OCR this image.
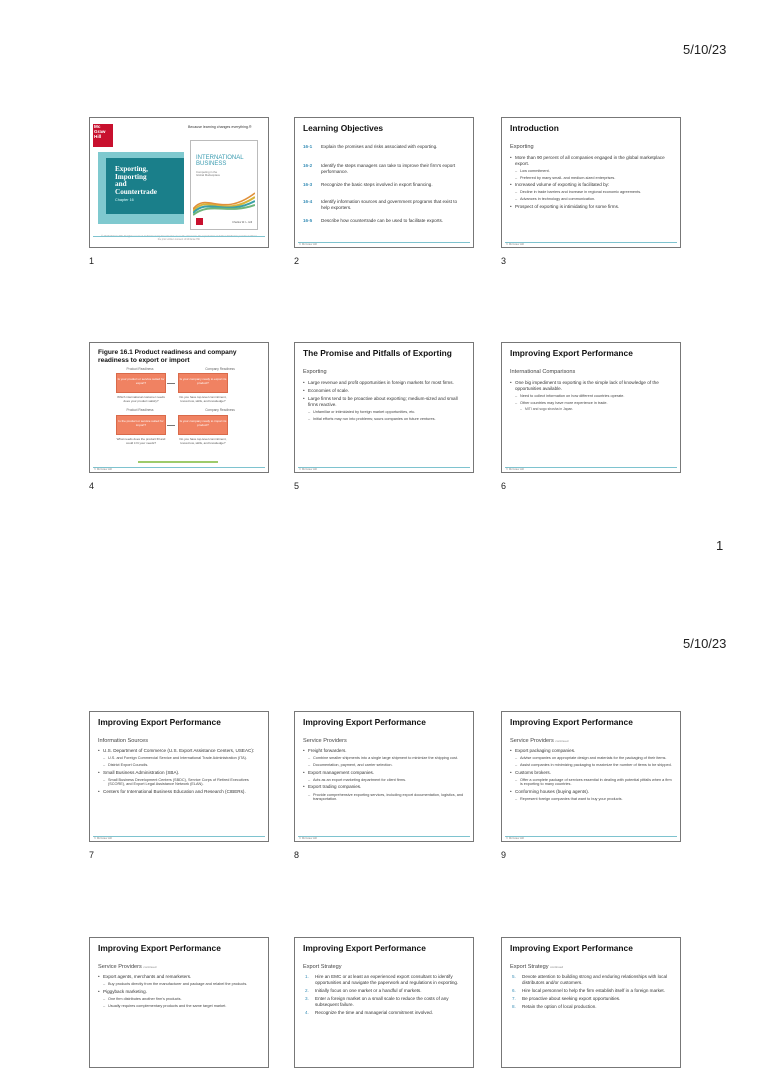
5/10/23
Mc
Graw
Hill
Because learning changes everything.®
Exporting,
Importing
and
Countertrade
Chapter 16
INTERNATIONAL
BUSINESS
Competing in the
Global Marketplace
Charles W. L. Hill
© 2023 McGraw Hill. All rights reserved. Authorized only for instructor use in the classroom. No reproduction or further distribution permitted without the prior written consent of McGraw Hill.
1
Learning Objectives
16-1 Explain the promises and risks associated with exporting.
16-2 Identify the steps managers can take to improve their firm's export performance.
16-3 Recognize the basic steps involved in export financing.
16-4 Identify information sources and government programs that exist to help exporters.
16-5 Describe how countertrade can be used to facilitate exports.
© McGraw Hill
2
Introduction
Exporting
• More than 90 percent of all companies engaged in the global marketplace export.
– Low commitment.
– Preferred by many small- and medium-sized enterprises.
• Increased volume of exporting is facilitated by:
– Decline in trade barriers and increase in regional economic agreements.
– Advances in technology and communication.
• Prospect of exporting is intimidating for some firms.
© McGraw Hill
3
Figure 16.1 Product readiness and company readiness to export or import
Product Readiness	Company Readiness
Is your product or service suited for export?
Is your company ready to export its product?
Which international customer needs does your product satisfy?
Do you have top-level commitment, know-how, skills, and knowledge?
Product Readiness	Company Readiness
Is the product or service suited for import?
Is your company ready to import its product?
What needs does the product fill and could it fit your needs?
Do you have top-level commitment, know-how, skills, and knowledge?
© McGraw Hill
4
The Promise and Pitfalls of Exporting
Exporting
• Large revenue and profit opportunities in foreign markets for most firms.
• Economies of scale.
• Large firms tend to be proactive about exporting; medium-sized and small firms reactive.
– Unfamiliar or intimidated by foreign market opportunities, etc.
– Initial efforts may run into problems; sours companies on future ventures.
© McGraw Hill
5
Improving Export Performance
International Comparisons
• One big impediment to exporting is the simple lack of knowledge of the opportunities available.
– Need to collect information on how different countries operate.
– Other countries may have more experience in trade.
– MITI and sogo shosha in Japan.
© McGraw Hill
6
1
5/10/23
Improving Export Performance
Information Sources
• U.S. Department of Commerce (U.S. Export Assistance Centers, USEAC):
– U.S. and Foreign Commercial Service and International Trade Administration (ITA).
– District Export Councils.
• Small Business Administration (SBA).
– Small Business Development Centers (SBDC), Service Corps of Retired Executives (SCORE), and Export Legal Assistance Network (ELAN).
• Centers for International Business Education and Research (CIBERs).
© McGraw Hill
7
Improving Export Performance
Service Providers
• Freight forwarders.
– Combine smaller shipments into a single large shipment to minimize the shipping cost.
– Documentation, payment, and carrier selection.
• Export management companies.
– Acts as an export marketing department for client firms.
• Export trading companies.
– Provide comprehensive exporting services, including export documentation, logistics, and transportation.
© McGraw Hill
8
Improving Export Performance
Service Providers continued
• Export packaging companies.
– Advise companies on appropriate design and materials for the packaging of their items.
– Assist companies in minimizing packaging to maximize the number of items to be shipped.
• Customs brokers.
– Offer a complete package of services essential in dealing with potential pitfalls when a firm is exporting to many countries.
• Conforming houses (buying agents).
– Represent foreign companies that want to buy your products.
© McGraw Hill
9
Improving Export Performance
Service Providers continued
• Export agents, merchants and remarketers.
– Buy products directly from the manufacturer and package and relabel the products.
• Piggyback marketing.
– One firm distributes another firm's products.
– Usually requires complementary products and the same target market.
Improving Export Performance
Export Strategy
1. Hire an EMC or at least an experienced export consultant to identify opportunities and navigate the paperwork and regulations in exporting.
2. Initially focus on one market or a handful of markets.
3. Enter a foreign market on a small scale to reduce the costs of any subsequent failure.
4. Recognize the time and managerial commitment involved.
Improving Export Performance
Export Strategy continued
5. Devote attention to building strong and enduring relationships with local distributors and/or customers.
6. Hire local personnel to help the firm establish itself in a foreign market.
7. Be proactive about seeking export opportunities.
8. Retain the option of local production.
